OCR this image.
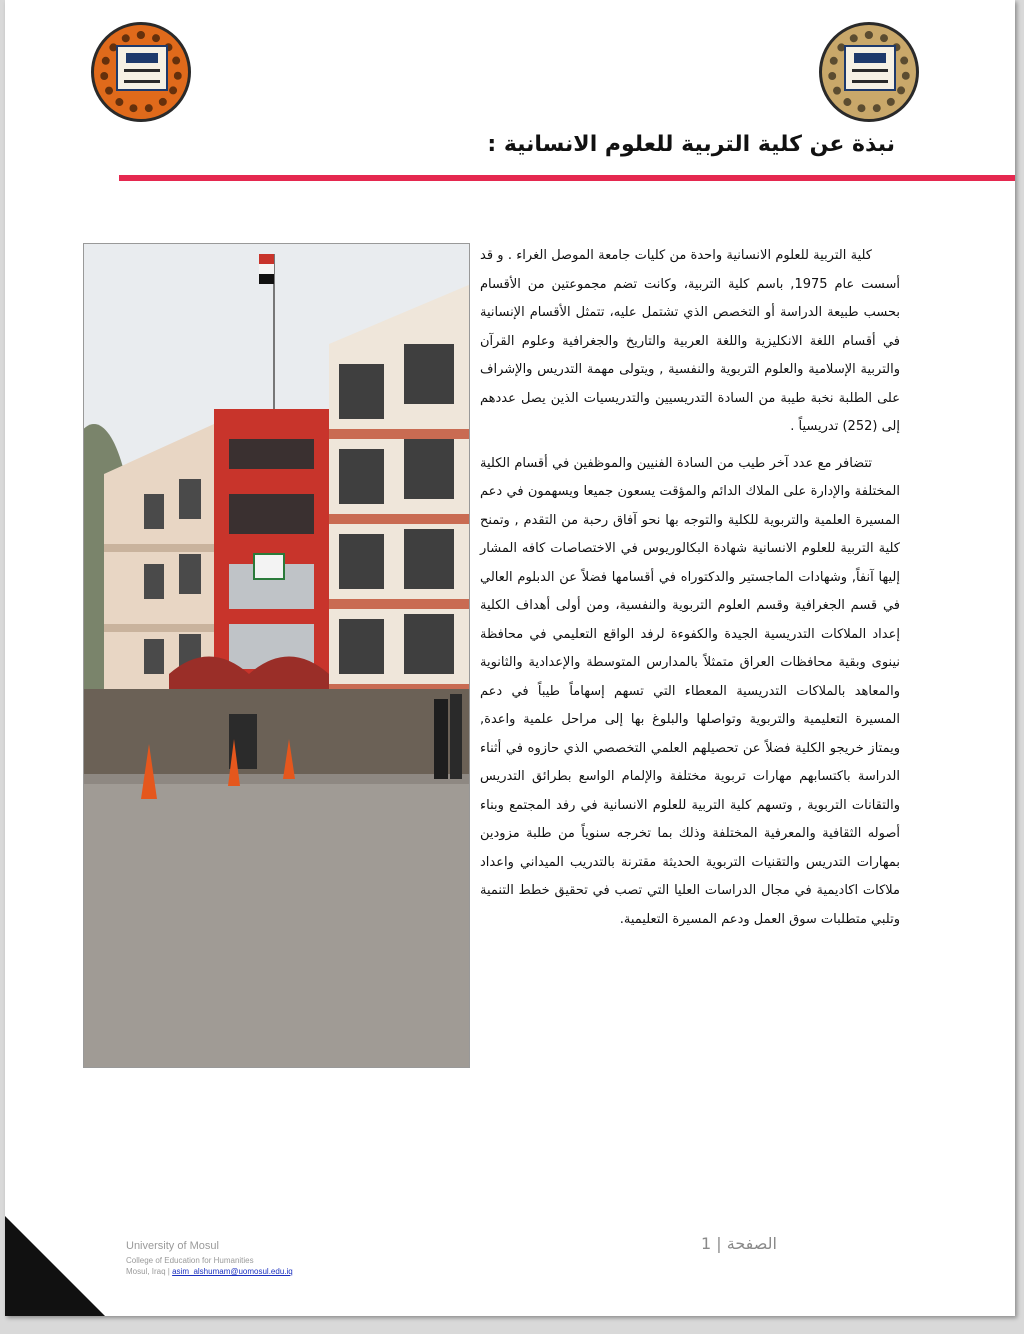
نبذة عن كلية التربية للعلوم الانسانية :

كلية التربية للعلوم الانسانية واحدة من كليات جامعة الموصل الغراء . و قد أسست عام 1975, باسم كلية التربية، وكانت تضم مجموعتين من الأقسام بحسب طبيعة الدراسة أو التخصص الذي تشتمل عليه، تتمثل الأقسام الإنسانية في أقسام اللغة الانكليزية واللغة العربية والتاريخ والجغرافية وعلوم القرآن والتربية الإسلامية والعلوم التربوية والنفسية , ويتولى مهمة التدريس والإشراف على الطلبة نخبة طيبة من السادة التدريسيين والتدريسيات الذين يصل عددهم إلى (252) تدريسياً .

تتضافر مع عدد آخر طيب من السادة الفنيين والموظفين في أقسام الكلية المختلفة والإدارة على الملاك الدائم والمؤقت يسعون جميعا ويسهمون في دعم المسيرة العلمية والتربوية للكلية والتوجه بها نحو آفاق رحبة من التقدم , وتمنح كلية التربية للعلوم الانسانية شهادة البكالوريوس في الاختصاصات كافه المشار إليها آنفاً, وشهادات الماجستير والدكتوراه في أقسامها فضلاً عن الدبلوم العالي في قسم الجغرافية وقسم العلوم التربوية والنفسية، ومن أولى أهداف الكلية إعداد الملاكات التدريسية الجيدة والكفوءة لرفد الواقع التعليمي في محافظة نينوى وبقية محافظات العراق متمثلاً بالمدارس المتوسطة والإعدادية والثانوية والمعاهد بالملاكات التدريسية المعطاء التي تسهم إسهاماً طيباً في دعم المسيرة التعليمية والتربوية وتواصلها والبلوغ بها إلى مراحل علمية واعدة, ويمتاز خريجو الكلية فضلاً عن تحصيلهم العلمي التخصصي الذي حازوه في أثناء الدراسة باكتسابهم مهارات تربوية مختلفة والإلمام الواسع بطرائق التدريس والتقانات التربوية , وتسهم كلية التربية للعلوم الانسانية في رفد المجتمع وبناء أصوله الثقافية والمعرفية المختلفة وذلك بما تخرجه سنوياً من طلبة مزودين بمهارات التدريس والتقنيات التربوية الحديثة مقترنة بالتدريب الميداني واعداد ملاكات اكاديمية في مجال الدراسات العليا التي تصب في تحقيق خطط التنمية وتلبي متطلبات سوق العمل ودعم المسيرة التعليمية.

University of Mosul
College of Education for Humanities
Mosul, Iraq | asim_alshumam@uomosul.edu.iq
الصفحة | 1
